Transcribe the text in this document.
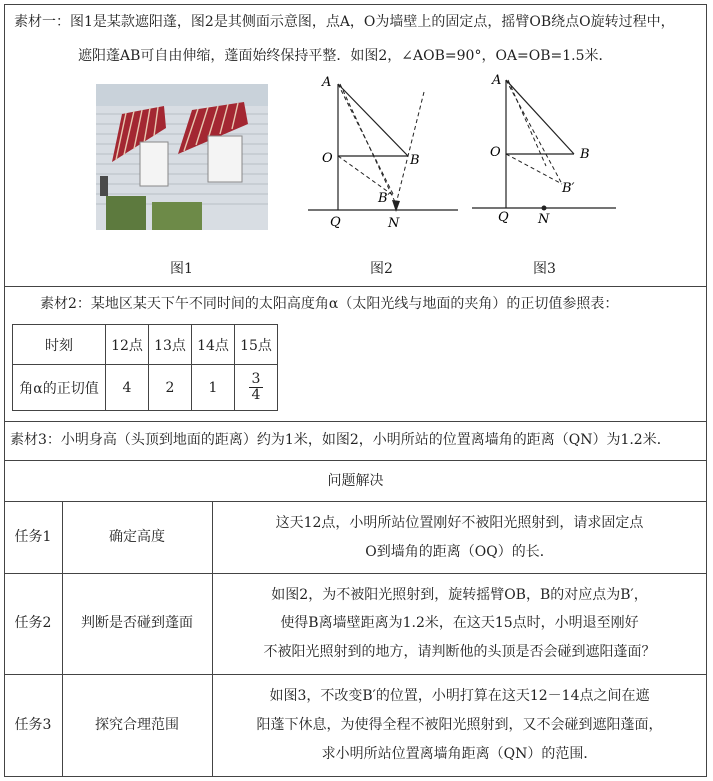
素材一：图1是某款遮阳蓬，图2是其侧面示意图，点A，O为墙壁上的固定点，摇臂OB绕点O旋转过程中，
遮阳蓬AB可自由伸缩，蓬面始终保持平整．如图2，∠AOB=90°，OA=OB=1.5米．
A
O	B
B′
Q	N
A
O	B
B′
Q N
图1	图2	图3
素材2：某地区某天下午不同时间的太阳高度角α（太阳光线与地面的夹角）的正切值参照表：
时刻	12点	13点	14点	15点
角α的正切值	4	2	1	$\frac{3}{4}$
素材3：小明身高（头顶到地面的距离）约为1米，如图2，小明所站的位置离墙角的距离（QN）为1.2米．
问题解决
任务1	确定高度
这天12点，小明所站位置刚好不被阳光照射到，请求固定点
O到墙角的距离（OQ）的长．
任务2	判断是否碰到蓬面
如图2，为不被阳光照射到，旋转摇臂OB，B的对应点为B′，
使得B离墙壁距离为1.2米，在这天15点时，小明退至刚好
不被阳光照射到的地方，请判断他的头顶是否会碰到遮阳蓬面？
任务3	探究合理范围
如图3，不改变B′的位置，小明打算在这天12－14点之间在遮
阳蓬下休息，为使得全程不被阳光照射到，又不会碰到遮阳蓬面，
求小明所站位置离墙角距离（QN）的范围．
